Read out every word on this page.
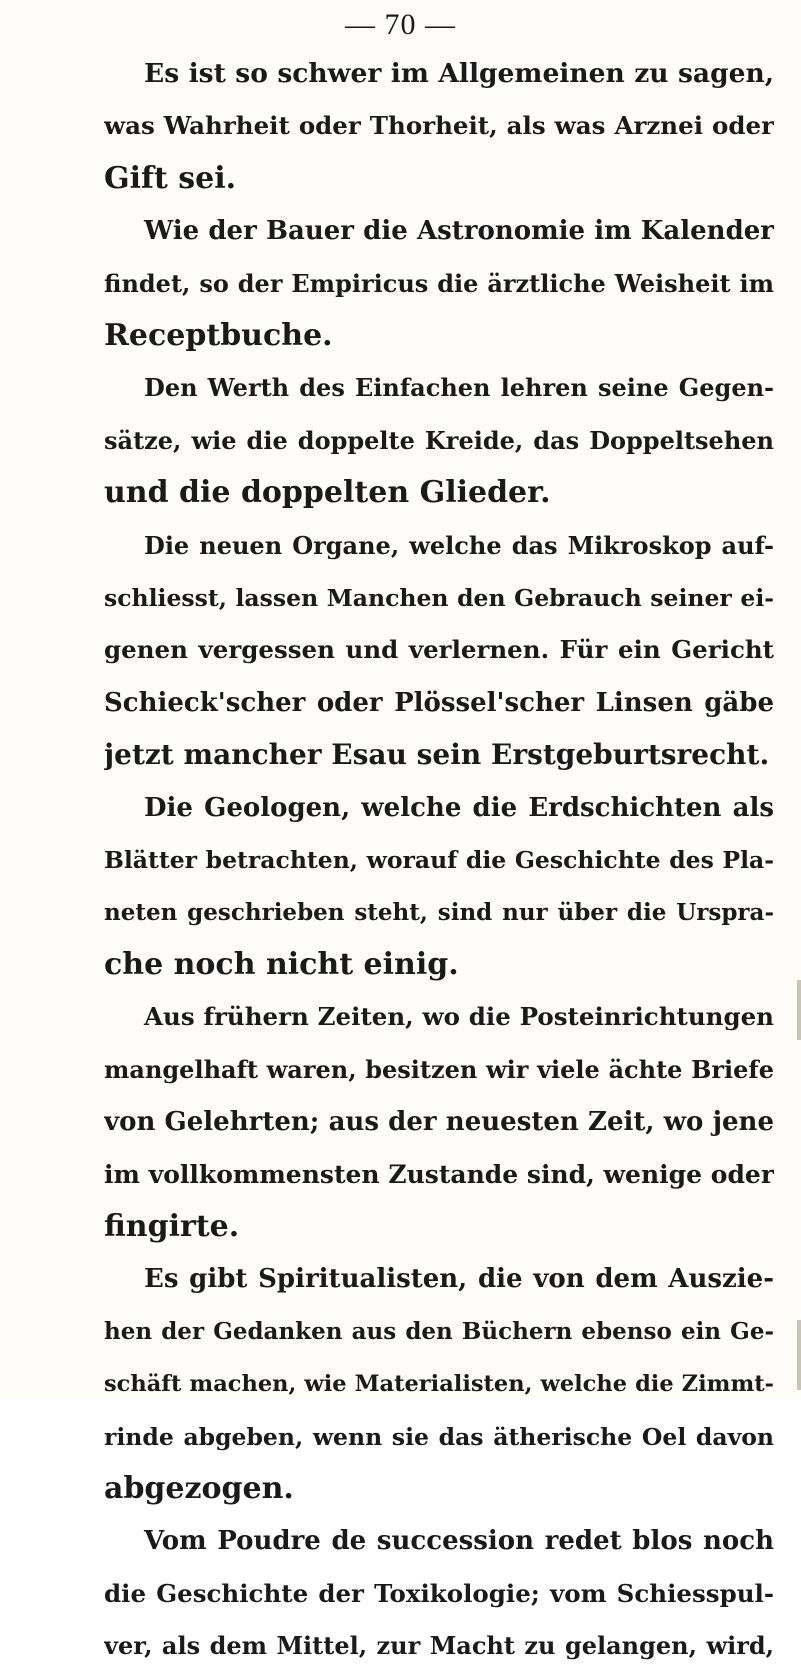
— 70 —
Es ist so schwer im Allgemeinen zu sagen,
was Wahrheit oder Thorheit, als was Arznei oder
Gift sei.
Wie der Bauer die Astronomie im Kalender
findet, so der Empiricus die ärztliche Weisheit im
Receptbuche.
Den Werth des Einfachen lehren seine Gegen-
sätze, wie die doppelte Kreide, das Doppeltsehen
und die doppelten Glieder.
Die neuen Organe, welche das Mikroskop auf-
schliesst, lassen Manchen den Gebrauch seiner ei-
genen vergessen und verlernen. Für ein Gericht
Schieck'scher oder Plössel'scher Linsen gäbe
jetzt mancher Esau sein Erstgeburtsrecht.
Die Geologen, welche die Erdschichten als
Blätter betrachten, worauf die Geschichte des Pla-
neten geschrieben steht, sind nur über die Urspra-
che noch nicht einig.
Aus frühern Zeiten, wo die Posteinrichtungen
mangelhaft waren, besitzen wir viele ächte Briefe
von Gelehrten; aus der neuesten Zeit, wo jene
im vollkommensten Zustande sind, wenige oder
fingirte.
Es gibt Spiritualisten, die von dem Auszie-
hen der Gedanken aus den Büchern ebenso ein Ge-
schäft machen, wie Materialisten, welche die Zimmt-
rinde abgeben, wenn sie das ätherische Oel davon
abgezogen.
Vom Poudre de succession redet blos noch
die Geschichte der Toxikologie; vom Schiesspul-
ver, als dem Mittel, zur Macht zu gelangen, wird,
